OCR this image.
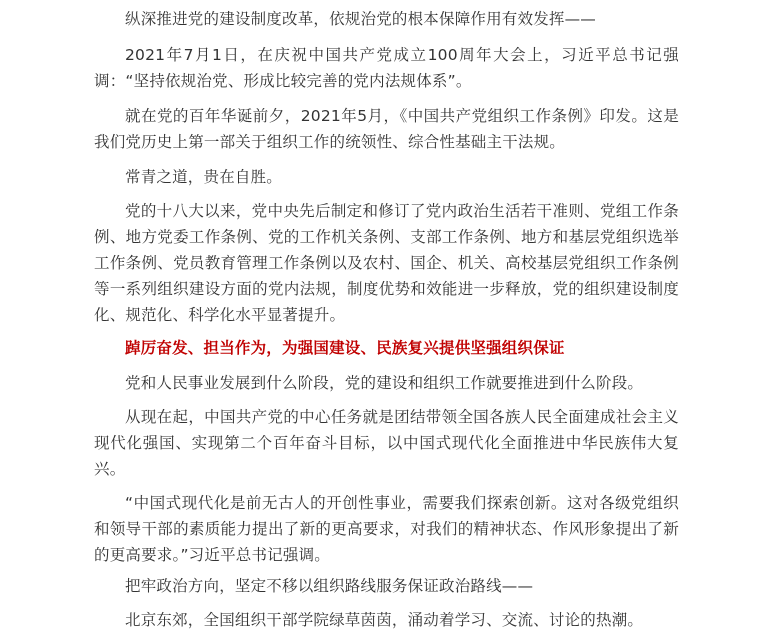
纵深推进党的建设制度改革，依规治党的根本保障作用有效发挥——

2021年7月1日，在庆祝中国共产党成立100周年大会上，习近平总书记强调：“坚持依规治党、形成比较完善的党内法规体系”。

就在党的百年华诞前夕，2021年5月，《中国共产党组织工作条例》印发。这是我们党历史上第一部关于组织工作的统领性、综合性基础主干法规。

常青之道，贵在自胜。

党的十八大以来，党中央先后制定和修订了党内政治生活若干准则、党组工作条例、地方党委工作条例、党的工作机关条例、支部工作条例、地方和基层党组织选举工作条例、党员教育管理工作条例以及农村、国企、机关、高校基层党组织工作条例等一系列组织建设方面的党内法规，制度优势和效能进一步释放，党的组织建设制度化、规范化、科学化水平显著提升。

踔厉奋发、担当作为，为强国建设、民族复兴提供坚强组织保证

党和人民事业发展到什么阶段，党的建设和组织工作就要推进到什么阶段。

从现在起，中国共产党的中心任务就是团结带领全国各族人民全面建成社会主义现代化强国、实现第二个百年奋斗目标，以中国式现代化全面推进中华民族伟大复兴。

“中国式现代化是前无古人的开创性事业，需要我们探索创新。这对各级党组织和领导干部的素质能力提出了新的更高要求，对我们的精神状态、作风形象提出了新的更高要求。”习近平总书记强调。

把牢政治方向，坚定不移以组织路线服务保证政治路线——

北京东郊，全国组织干部学院绿草茵茵，涌动着学习、交流、讨论的热潮。
